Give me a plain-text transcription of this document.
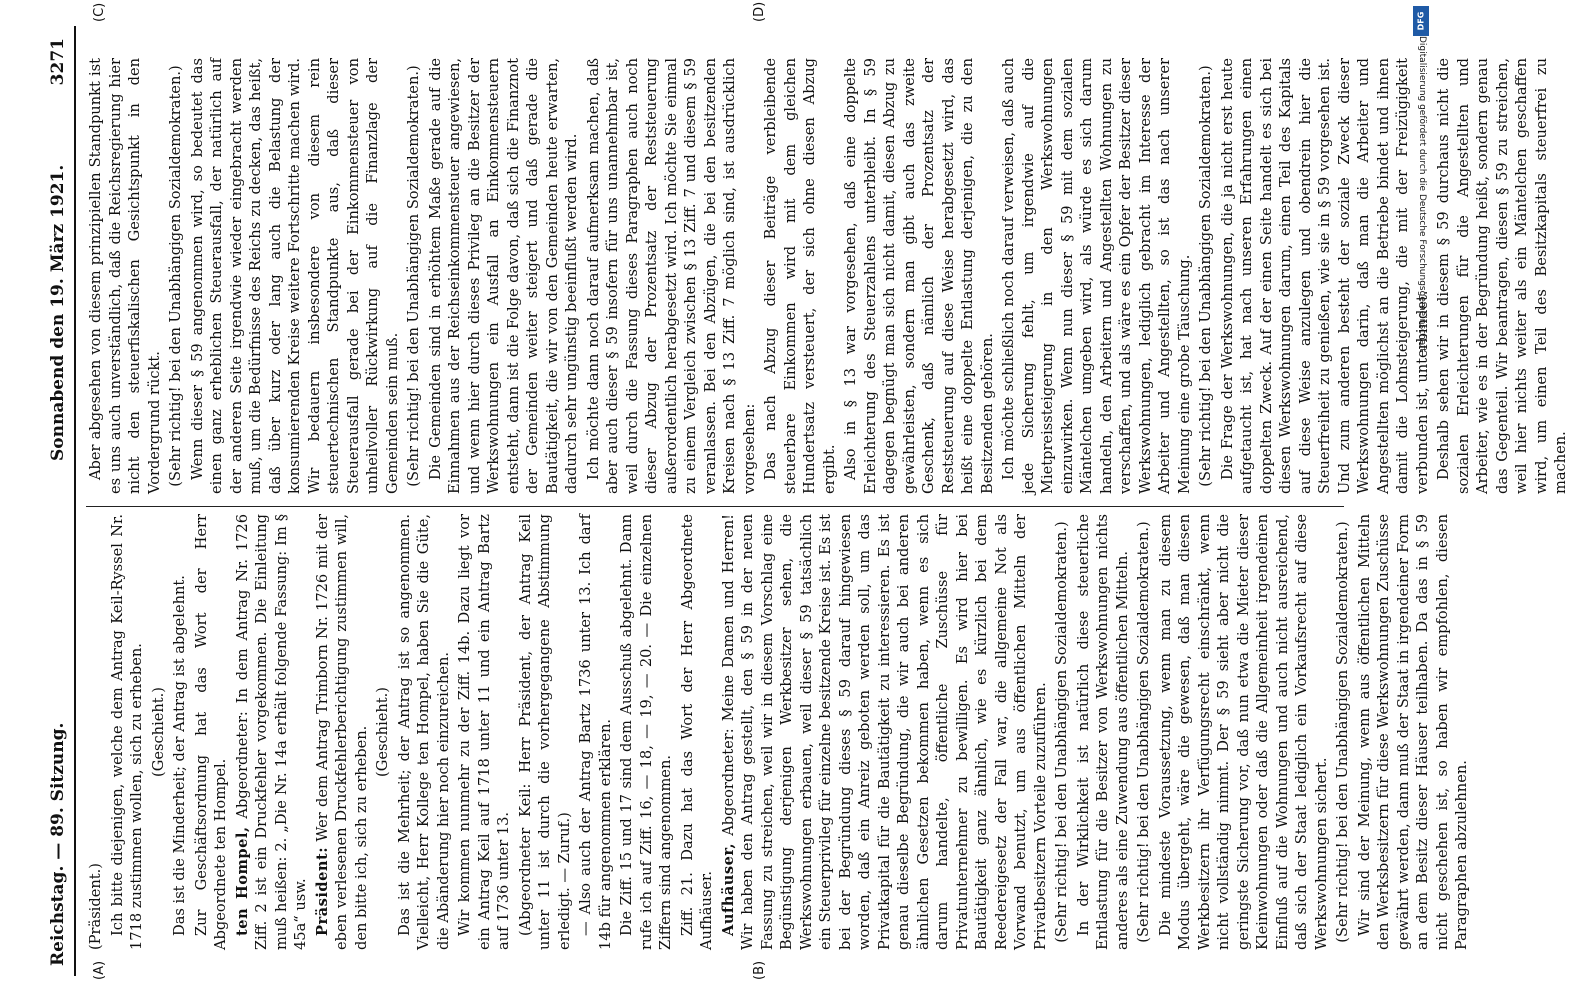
Reichstag. — 89. Sitzung.
Sonnabend den 19. März 1921.
3271
(A)	(B)
(C)	(D)

(Präsident.) Ich bitte diejenigen, welche dem Antrag Keil-Ryssel Nr. 1718 zustimmen wollen, sich zu erheben. (Geschieht.) Das ist die Minderheit; der Antrag ist abgelehnt. Zur Geschäftsordnung hat das Wort der Herr Abgeordnete ten Hompel. ten Hompel, Abgeordneter: In dem Antrag Nr. 1726 Ziff. 2 ist ein Druckfehler vorgekommen. Die Einleitung muß heißen: 2. „Die Nr. 14a erhält folgende Fassung: Im § 45a“ usw. Präsident: Wer dem Antrag Trimborn Nr. 1726 mit der eben verlesenen Druckfehlerberichtigung zustimmen will, den bitte ich, sich zu erheben. (Geschieht.) Das ist die Mehrheit; der Antrag ist so angenommen. Vielleicht, Herr Kollege ten Hompel, haben Sie die Güte, die Abänderung hier noch einzureichen. Wir kommen nunmehr zu der Ziff. 14b. Dazu liegt vor ein Antrag Keil auf 1718 unter 11 und ein Antrag Bartz auf 1736 unter 13. (Abgeordneter Keil: Herr Präsident, der Antrag Keil unter 11 ist durch die vorhergegangene Abstimmung erledigt. — Zuruf.) — Also auch der Antrag Bartz 1736 unter 13. Ich darf 14b für angenommen erklären. Die Ziff. 15 und 17 sind dem Ausschuß abgelehnt. Dann rufe ich auf Ziff. 16, — 18, — 19, — 20. — Die einzelnen Ziffern sind angenommen. Ziff. 21. Dazu hat das Wort der Herr Abgeordnete Aufhäuser. Aufhäuser, Abgeordneter: Meine Damen und Herren! Wir haben den Antrag gestellt, den § 59 in der neuen Fassung zu streichen, weil wir in diesem Vorschlag eine Begünstigung derjenigen Werkbesitzer sehen, die Werkswohnungen erbauen, weil dieser § 59 tatsächlich ein Steuerprivileg für einzelne besitzende Kreise ist. Es ist bei der Begründung dieses § 59 darauf hingewiesen worden, daß ein Anreiz geboten werden soll, um das Privatkapital für die Bautätigkeit zu interessieren. Es ist genau dieselbe Begründung, die wir auch bei anderen ähnlichen Gesetzen bekommen haben, wenn es sich darum handelte, öffentliche Zuschüsse für Privatunternehmer zu bewilligen. Es wird hier bei Bautätigkeit ganz ähnlich, wie es kürzlich bei dem Reedereigesetz der Fall war, die allgemeine Not als Vorwand benutzt, um aus öffentlichen Mitteln der Privatbesitzern Vorteile zuzuführen. (Sehr richtig! bei den Unabhängigen Sozialdemokraten.) In der Wirklichkeit ist natürlich diese steuerliche Entlastung für die Besitzer von Werkswohnungen nichts anderes als eine Zuwendung aus öffentlichen Mitteln. (Sehr richtig! bei den Unabhängigen Sozialdemokraten.) Die mindeste Voraussetzung, wenn man zu diesem Modus übergeht, wäre die gewesen, daß man diesen Werkbesitzern ihr Verfügungsrecht einschränkt, wenn nicht vollständig nimmt. Der § 59 sieht aber nicht die geringste Sicherung vor, daß nun etwa die Mieter dieser Kleinwohnungen oder daß die Allgemeinheit irgendeinen Einfluß auf die Wohnungen und auch nicht ausreichend, daß sich der Staat lediglich ein Vorkaufsrecht auf diese Werkswohnungen sichert. (Sehr richtig! bei den Unabhängigen Sozialdemokraten.) Wir sind der Meinung, wenn aus öffentlichen Mitteln den Werksbesitzern für diese Werkswohnungen Zuschüsse gewährt werden, dann muß der Staat in irgendeiner Form an dem Besitz dieser Häuser teilhaben. Da das in § 59 nicht geschehen ist, so haben wir empfohlen, diesen Paragraphen abzulehnen.

Aber abgesehen von diesem prinzipiellen Standpunkt ist es uns auch unverständlich, daß die Reichsregierung hier nicht den steuerfiskalischen Gesichtspunkt in den Vordergrund rückt. (Sehr richtig! bei den Unabhängigen Sozialdemokraten.) Wenn dieser § 59 angenommen wird, so bedeutet das einen ganz erheblichen Steuerausfall, der natürlich auf der anderen Seite irgendwie wieder eingebracht werden muß, um die Bedürfnisse des Reichs zu decken, das heißt, daß über kurz oder lang auch die Belastung der konsumierenden Kreise weitere Fortschritte machen wird. Wir bedauern insbesondere von diesem rein steuertechnischen Standpunkte aus, daß dieser Steuerausfall gerade bei der Einkommensteuer von unheilvoller Rückwirkung auf die Finanzlage der Gemeinden sein muß. (Sehr richtig! bei den Unabhängigen Sozialdemokraten.) Die Gemeinden sind in erhöhtem Maße gerade auf die Einnahmen aus der Reichseinkommensteuer angewiesen, und wenn hier durch dieses Privileg an die Besitzer der Werkswohnungen ein Ausfall an Einkommensteuern entsteht, dann ist die Folge davon, daß sich die Finanznot der Gemeinden weiter steigert und daß gerade die Bautätigkeit, die wir von den Gemeinden heute erwarten, dadurch sehr ungünstig beeinflußt werden wird. Ich möchte dann noch darauf aufmerksam machen, daß aber auch dieser § 59 insofern für uns unannehmbar ist, weil durch die Fassung dieses Paragraphen auch noch dieser Abzug der Prozentsatz der Reststeuerung außerordentlich herabgesetzt wird. Ich möchte Sie einmal zu einem Vergleich zwischen § 13 Ziff. 7 und diesem § 59 veranlassen. Bei den Abzügen, die bei den besitzenden Kreisen nach § 13 Ziff. 7 möglich sind, ist ausdrücklich vorgesehen: Das nach Abzug dieser Beiträge verbleibende steuerbare Einkommen wird mit dem gleichen Hundertsatz versteuert, der sich ohne diesen Abzug ergibt. Also in § 13 war vorgesehen, daß eine doppelte Erleichterung des Steuerzahlens unterbleibt. In § 59 dagegen begnügt man sich nicht damit, diesen Abzug zu gewährleisten, sondern man gibt auch das zweite Geschenk, daß nämlich der Prozentsatz der Reststeuerung auf diese Weise herabgesetzt wird, das heißt eine doppelte Entlastung derjenigen, die zu den Besitzenden gehören. Ich möchte schließlich noch darauf verweisen, daß auch jede Sicherung fehlt, um irgendwie auf die Mietpreissteigerung in den Werkswohnungen einzuwirken. Wenn nun dieser § 59 mit dem sozialen Mäntelchen umgeben wird, als würde es sich darum handeln, den Arbeitern und Angestellten Wohnungen zu verschaffen, und als wäre es ein Opfer der Besitzer dieser Werkswohnungen, lediglich gebracht im Interesse der Arbeiter und Angestellten, so ist das nach unserer Meinung eine grobe Täuschung. (Sehr richtig! bei den Unabhängigen Sozialdemokraten.) Die Frage der Werkswohnungen, die ja nicht erst heute aufgetaucht ist, hat nach unseren Erfahrungen einen doppelten Zweck. Auf der einen Seite handelt es sich bei diesen Werkswohnungen darum, einen Teil des Kapitals auf diese Weise anzulegen und obendrein hier die Steuerfreiheit zu genießen, wie sie in § 59 vorgesehen ist. Und zum anderen besteht der soziale Zweck dieser Werkswohnungen darin, daß man die Arbeiter und Angestellten möglichst an die Betriebe bindet und ihnen damit die Lohnsteigerung, die mit der Freizügigkeit verbunden ist, unterbindet. Deshalb sehen wir in diesem § 59 durchaus nicht die sozialen Erleichterungen für die Angestellten und Arbeiter, wie es in der Begründung heißt, sondern genau das Gegenteil. Wir beantragen, diesen § 59 zu streichen, weil hier nichts weiter als ein Mäntelchen geschaffen wird, um einen Teil des Besitzkapitals steuerfrei zu machen.

DFG
Digitalisierung gefördert durch die Deutsche Forschungsgemeinschaft
